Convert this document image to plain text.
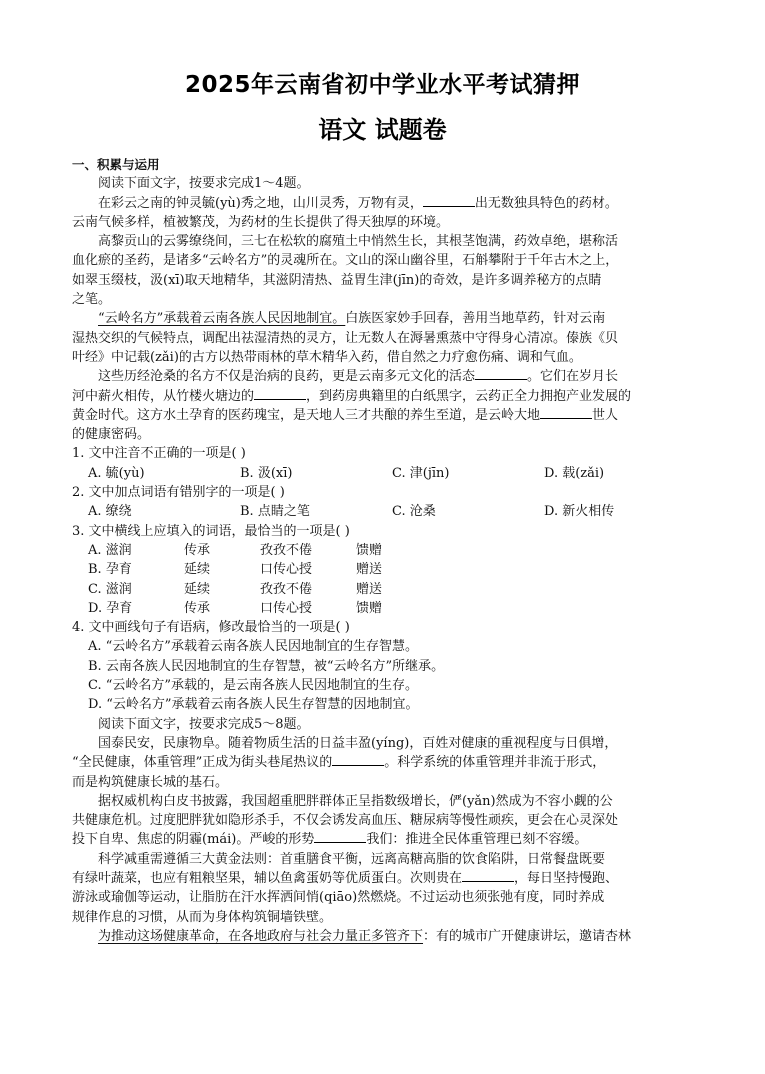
2025年云南省初中学业水平考试猜押
语文 试题卷
一、积累与运用
阅读下面文字，按要求完成1～4题。
在彩云之南的钟灵毓(yù)秀之地，山川灵秀，万物有灵，	出无数独具特色的药材。
云南气候多样，植被繁茂，为药材的生长提供了得天独厚的环境。
高黎贡山的云雾缭绕间，三七在松软的腐殖土中悄然生长，其根茎饱满，药效卓绝，堪称活
血化瘀的圣药，是诸多“云岭名方”的灵魂所在。文山的深山幽谷里，石斛攀附于千年古木之上，
如翠玉缀枝，汲(xī)取天地精华，其滋阴清热、益胃生津(jīn)的奇效，是许多调养秘方的点睛
之笔。
“云岭名方”承载着云南各族人民因地制宜。白族医家妙手回春，善用当地草药，针对云南
湿热交织的气候特点，调配出祛湿清热的灵方，让无数人在溽暑熏蒸中守得身心清凉。傣族《贝
叶经》中记载(zǎi)的古方以热带雨林的草木精华入药，借自然之力疗愈伤痛、调和气血。
这些历经沧桑的名方不仅是治病的良药，更是云南多元文化的活态	。它们在岁月长
河中薪火相传，从竹楼火塘边的	，到药房典籍里的白纸黑字，云药正全力拥抱产业发展的
黄金时代。这方水土孕育的医药瑰宝，是天地人三才共酿的养生至道，是云岭大地	世人
的健康密码。
1. 文中注音不正确的一项是( )
A. 毓(yù)	B. 汲(xī)	C. 津(jīn)	D. 载(zǎi)
2. 文中加点词语有错别字的一项是( )
A. 缭绕	B. 点睛之笔	C. 沧桑	D. 新火相传
3. 文中横线上应填入的词语，最恰当的一项是( )
A. 滋润	传承	孜孜不倦	馈赠
B. 孕育	延续	口传心授	赠送
C. 滋润	延续	孜孜不倦	赠送
D. 孕育	传承	口传心授	馈赠
4. 文中画线句子有语病，修改最恰当的一项是( )
A. “云岭名方”承载着云南各族人民因地制宜的生存智慧。
B. 云南各族人民因地制宜的生存智慧，被“云岭名方”所继承。
C. “云岭名方”承载的，是云南各族人民因地制宜的生存。
D. “云岭名方”承载着云南各族人民生存智慧的因地制宜。
阅读下面文字，按要求完成5～8题。
国泰民安，民康物阜。随着物质生活的日益丰盈(yíng)，百姓对健康的重视程度与日俱增，
“全民健康，体重管理”正成为街头巷尾热议的	。科学系统的体重管理并非流于形式，
而是构筑健康长城的基石。
据权威机构白皮书披露，我国超重肥胖群体正呈指数级增长，俨(yǎn)然成为不容小觑的公
共健康危机。过度肥胖犹如隐形杀手，不仅会诱发高血压、糖尿病等慢性顽疾，更会在心灵深处
投下自卑、焦虑的阴霾(mái)。严峻的形势	我们：推进全民体重管理已刻不容缓。
科学减重需遵循三大黄金法则：首重膳食平衡，远离高糖高脂的饮食陷阱，日常餐盘既要
有绿叶蔬菜，也应有粗粮坚果，辅以鱼禽蛋奶等优质蛋白。次则贵在	，每日坚持慢跑、
游泳或瑜伽等运动，让脂肪在汗水挥洒间悄(qiāo)然燃烧。不过运动也须张弛有度，同时养成
规律作息的习惯，从而为身体构筑铜墙铁壁。
为推动这场健康革命，在各地政府与社会力量正多管齐下：有的城市广开健康讲坛，邀请杏林
